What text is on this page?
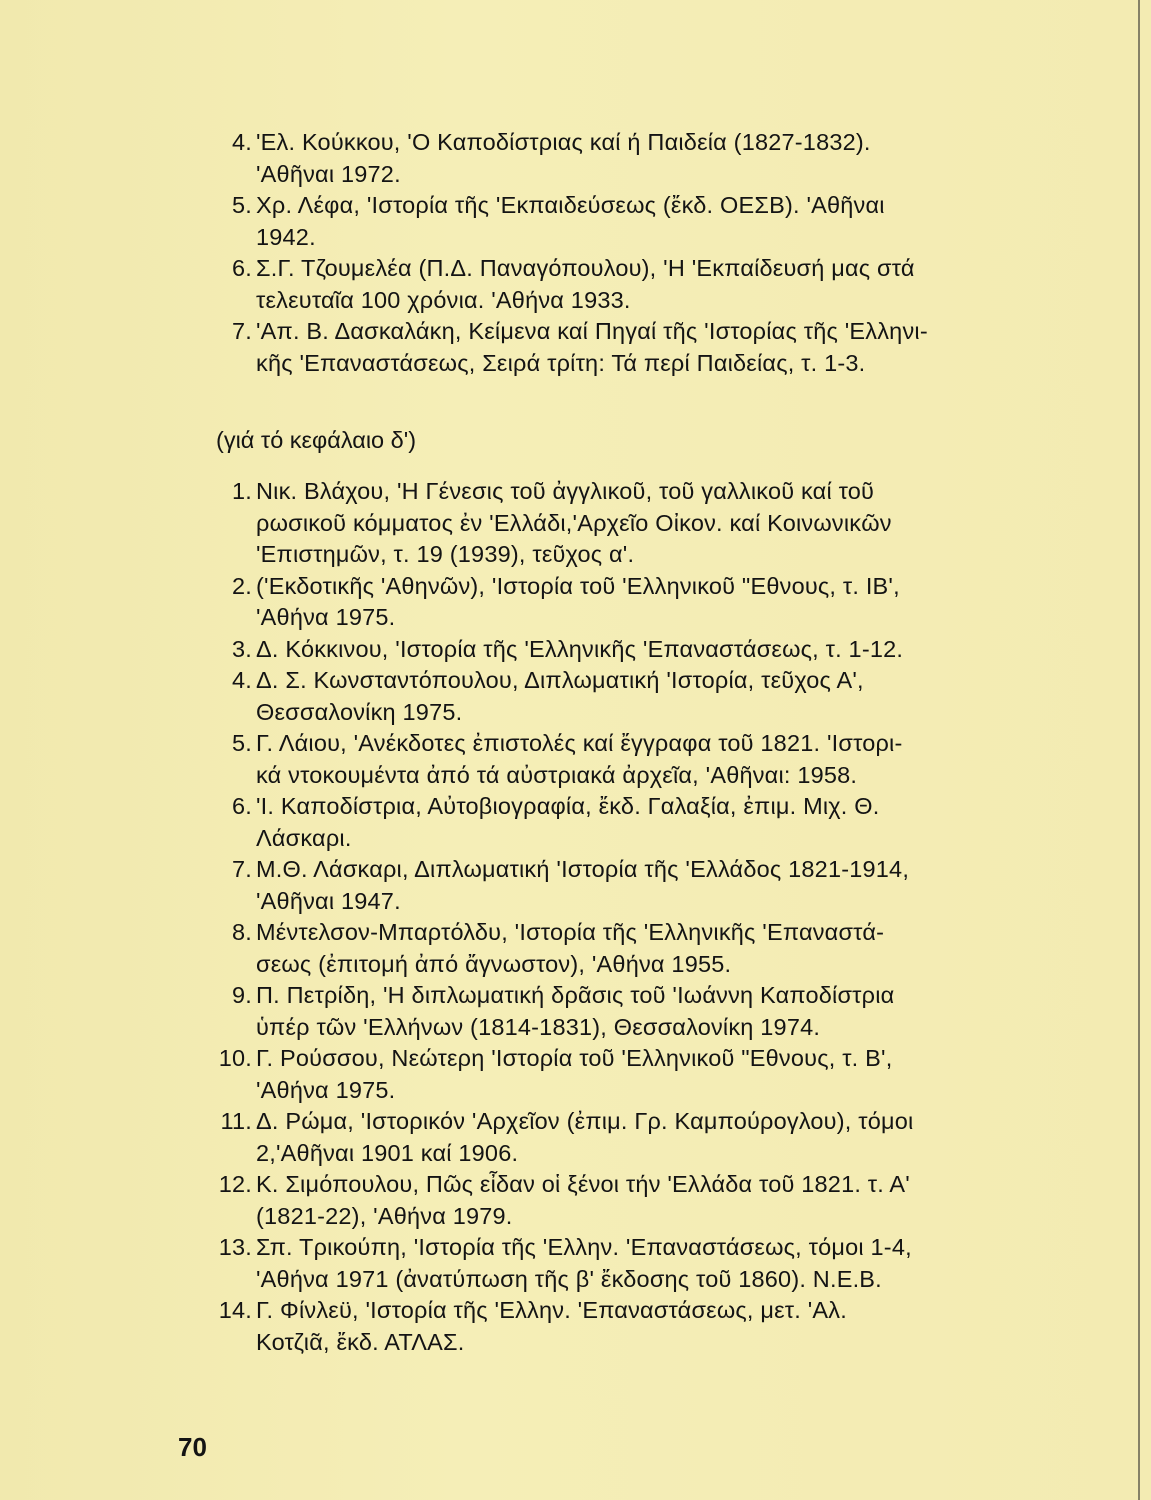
4. 'Ελ. Κούκκου, 'Ο Καποδίστριας καί ή Παιδεία (1827-1832).
'Αθῆναι 1972.
5. Χρ. Λέφα, 'Ιστορία τῆς 'Εκπαιδεύσεως (ἔκδ. ΟΕΣΒ). 'Αθῆναι
1942.
6. Σ.Γ. Τζουμελέα (Π.Δ. Παναγόπουλου), 'Η 'Εκπαίδευσή μας στά
τελευταῖα 100 χρόνια. 'Αθήνα 1933.
7. 'Απ. Β. Δασκαλάκη, Κείμενα καί Πηγαί τῆς 'Ιστορίας τῆς 'Ελληνι-
κῆς 'Επαναστάσεως, Σειρά τρίτη: Τά περί Παιδείας, τ. 1-3.
(γιά τό κεφάλαιο δ')
1. Νικ. Βλάχου, 'Η Γένεσις τοῦ ἀγγλικοῦ, τοῦ γαλλικοῦ καί τοῦ
ρωσικοῦ κόμματος ἐν 'Ελλάδι,'Αρχεῖο Οἰκον. καί Κοινωνικῶν
'Επιστημῶν, τ. 19 (1939), τεῦχος α'.
2. ('Εκδοτικῆς 'Αθηνῶν), 'Ιστορία τοῦ 'Ελληνικοῦ "Εθνους, τ. ΙΒ',
'Αθήνα 1975.
3. Δ. Κόκκινου, 'Ιστορία τῆς 'Ελληνικῆς 'Επαναστάσεως, τ. 1-12.
4. Δ. Σ. Κωνσταντόπουλου, Διπλωματική 'Ιστορία, τεῦχος Α',
Θεσσαλονίκη 1975.
5. Γ. Λάιου, 'Ανέκδοτες ἐπιστολές καί ἔγγραφα τοῦ 1821. 'Ιστορι-
κά ντοκουμέντα ἀπό τά αὐστριακά ἀρχεῖα, 'Αθῆναι: 1958.
6. 'Ι. Καποδίστρια, Αὐτοβιογραφία, ἔκδ. Γαλαξία, ἐπιμ. Μιχ. Θ.
Λάσκαρι.
7. Μ.Θ. Λάσκαρι, Διπλωματική 'Ιστορία τῆς 'Ελλάδος 1821-1914,
'Αθῆναι 1947.
8. Μέντελσον-Μπαρτόλδυ, 'Ιστορία τῆς 'Ελληνικῆς 'Επαναστά-
σεως (ἐπιτομή ἀπό ἄγνωστον), 'Αθήνα 1955.
9. Π. Πετρίδη, 'Η διπλωματική δρᾶσις τοῦ 'Ιωάννη Καποδίστρια
ὑπέρ τῶν 'Ελλήνων (1814-1831), Θεσσαλονίκη 1974.
10. Γ. Ρούσσου, Νεώτερη 'Ιστορία τοῦ 'Ελληνικοῦ "Εθνους, τ. Β',
'Αθήνα 1975.
11. Δ. Ρώμα, 'Ιστορικόν 'Αρχεῖον (ἐπιμ. Γρ. Καμπούρογλου), τόμοι
2,'Αθῆναι 1901 καί 1906.
12. Κ. Σιμόπουλου, Πῶς εἶδαν οἱ ξένοι τήν 'Ελλάδα τοῦ 1821. τ. Α'
(1821-22), 'Αθήνα 1979.
13. Σπ. Τρικούπη, 'Ιστορία τῆς 'Ελλην. 'Επαναστάσεως, τόμοι 1-4,
'Αθήνα 1971 (ἀνατύπωση τῆς β' ἔκδοσης τοῦ 1860). Ν.Ε.Β.
14. Γ. Φίνλεϋ, 'Ιστορία τῆς 'Ελλην. 'Επαναστάσεως, μετ. 'Αλ.
Κοτζιᾶ, ἔκδ. ΑΤΛΑΣ.
70
